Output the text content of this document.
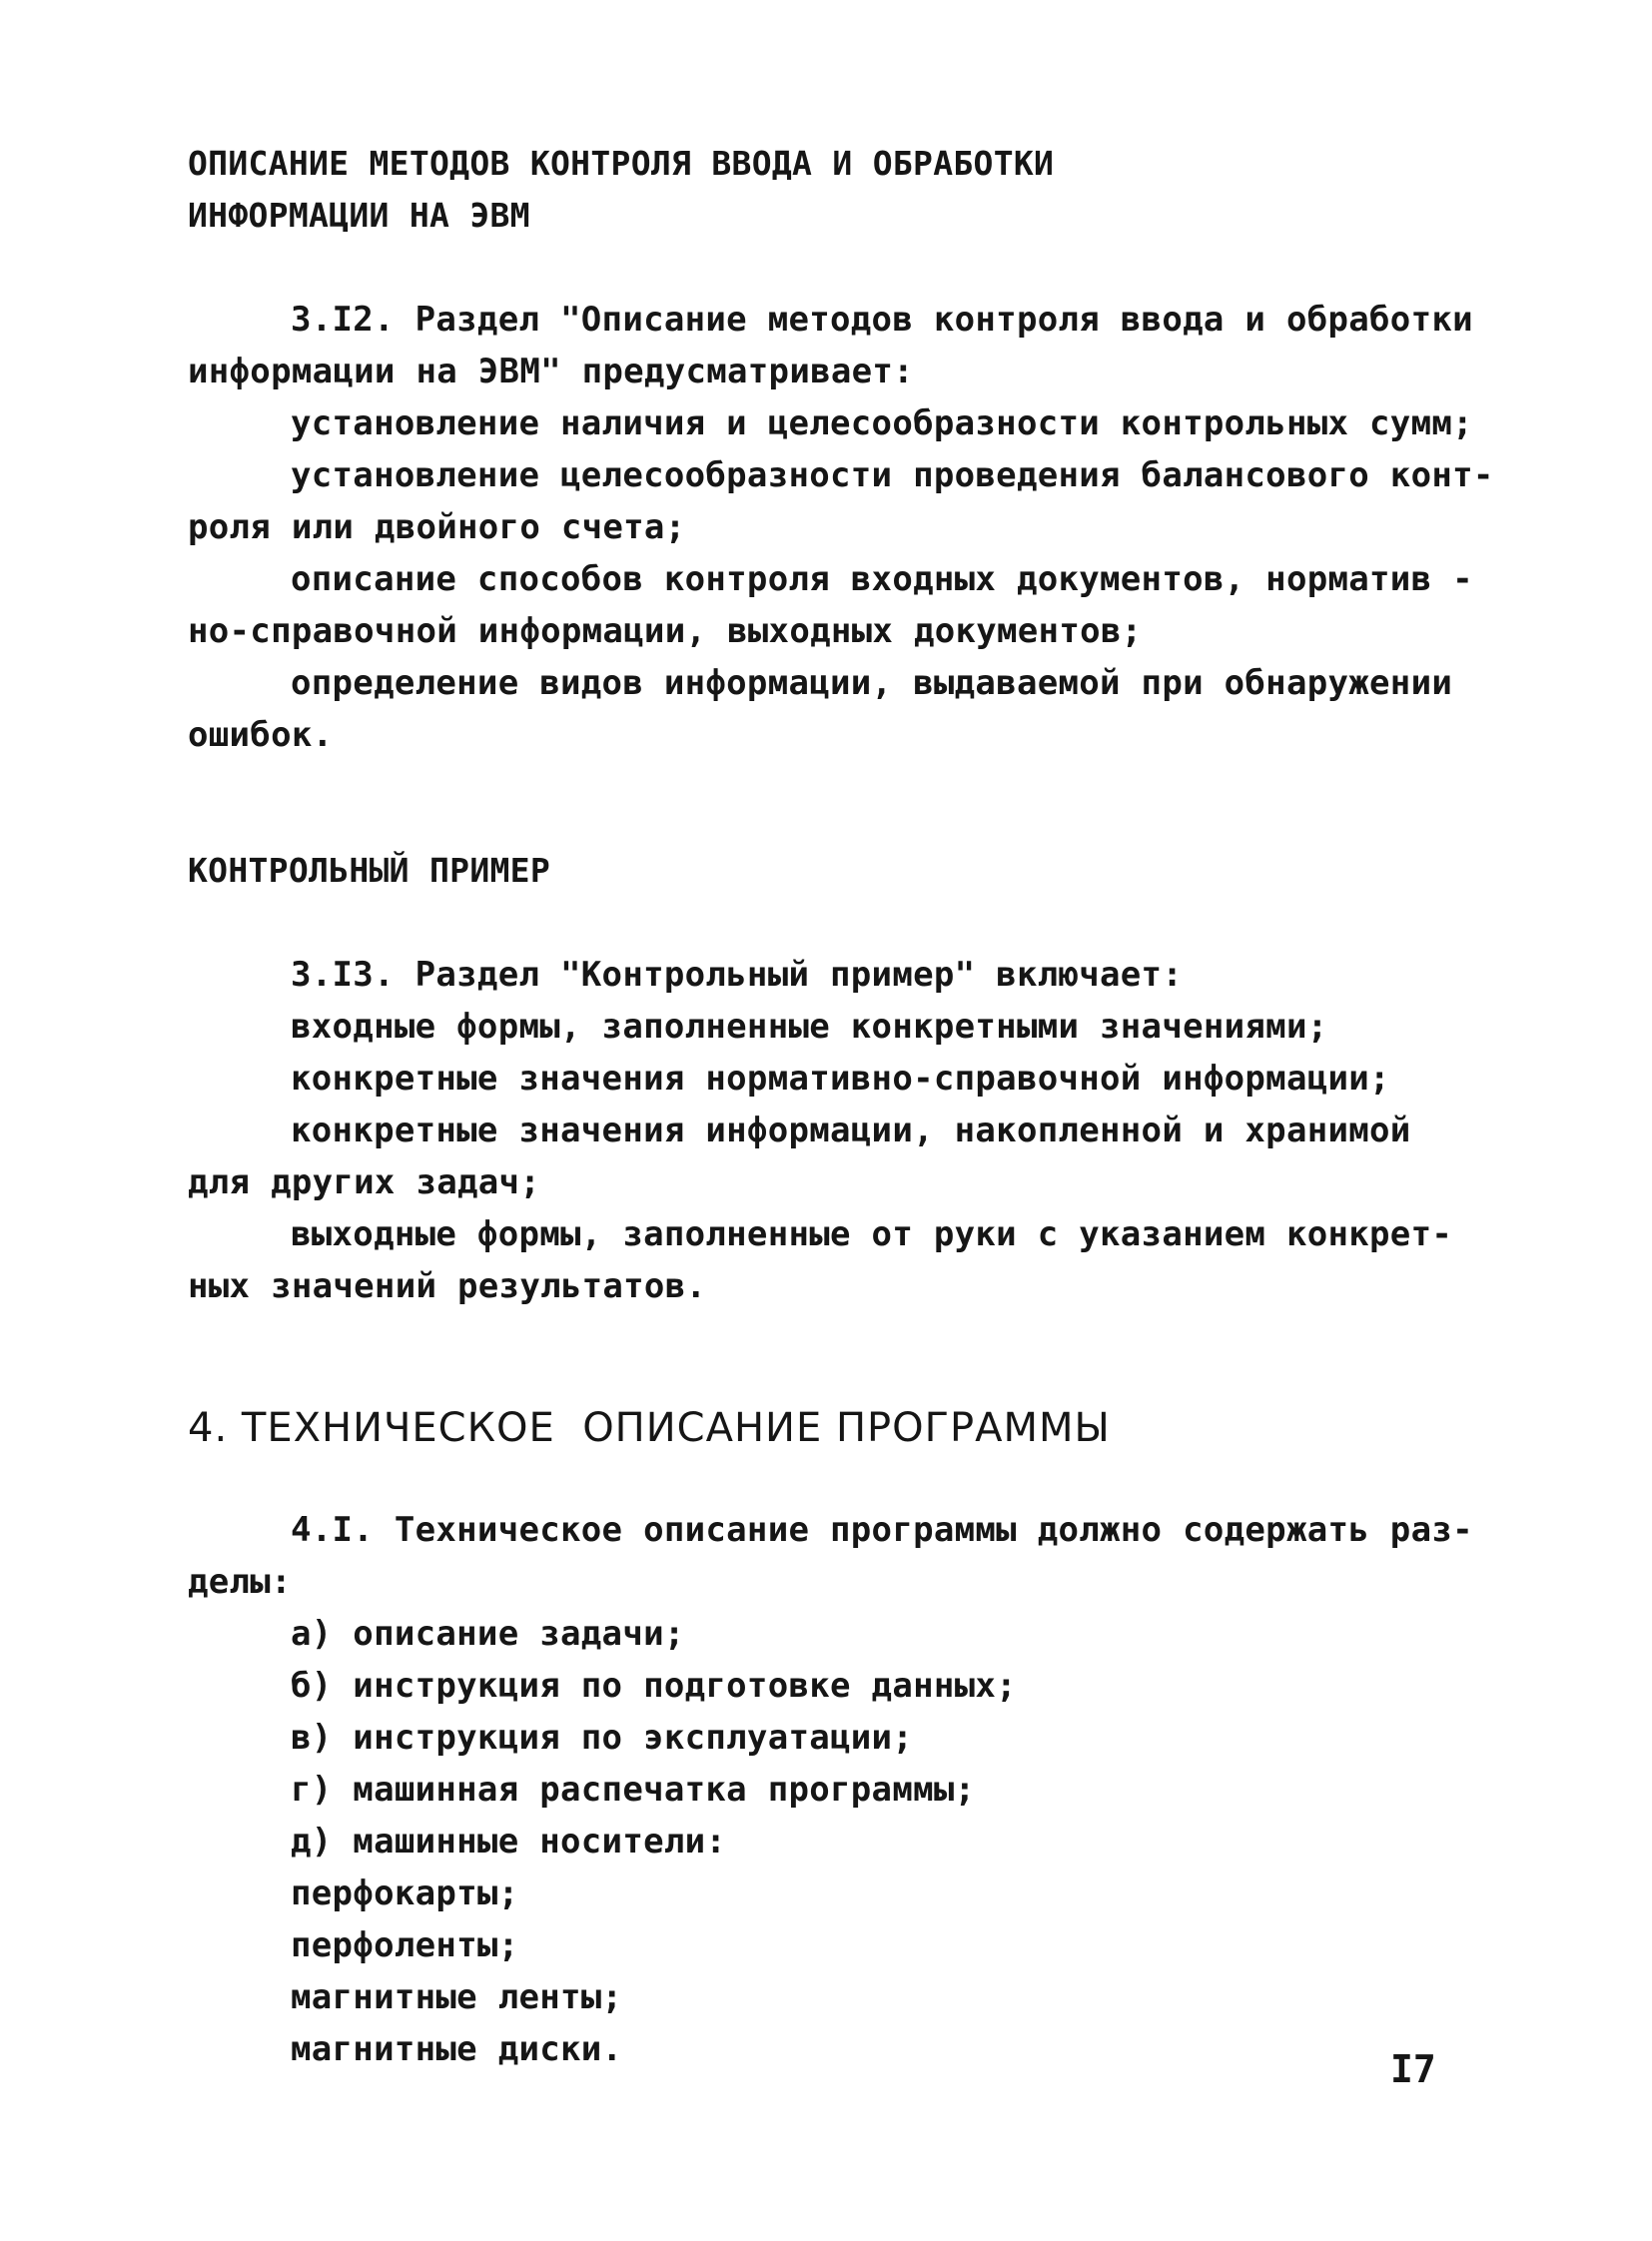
ОПИСАНИЕ МЕТОДОВ КОНТРОЛЯ ВВОДА И ОБРАБОТКИ

ИНФОРМАЦИИ НА ЭВМ

3.I2. Раздел "Описание методов контроля ввода и обработки

информации на ЭВМ" предусматривает:

установление наличия и целесообразности контрольных сумм;

установление целесообразности проведения балансового конт-

роля или двойного счета;

описание способов контроля входных документов, норматив -

но-справочной информации, выходных документов;

определение видов информации, выдаваемой при обнаружении

ошибок.

КОНТРОЛЬНЫЙ ПРИМЕР

3.I3. Раздел "Контрольный пример" включает:

входные формы, заполненные конкретными значениями;

конкретные значения нормативно-справочной информации;

конкретные значения информации, накопленной и хранимой

для других задач;

выходные формы, заполненные от руки с указанием конкрет-

ных значений результатов.

4. ТЕХНИЧЕСКОЕ  ОПИСАНИЕ ПРОГРАММЫ

4.I. Техническое описание программы должно содержать раз-

делы:

а) описание задачи;

б) инструкция по подготовке данных;

в) инструкция по эксплуатации;

г) машинная распечатка программы;

д) машинные носители:

перфокарты;

перфоленты;

магнитные ленты;

магнитные диски.	I7
